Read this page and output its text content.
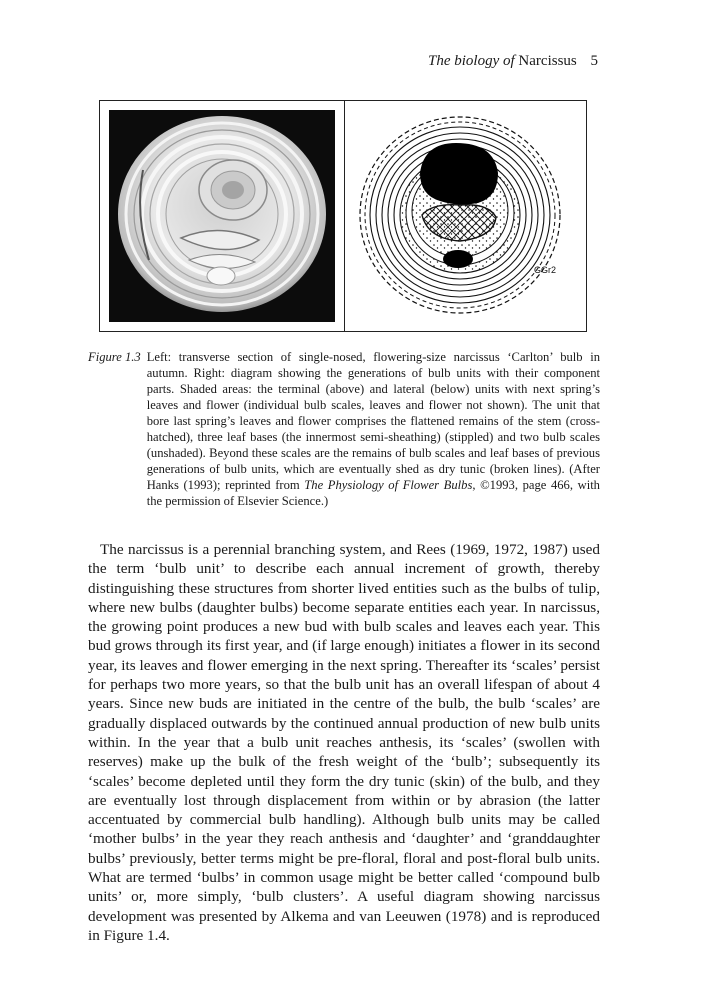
The biology of Narcissus 5
GGr2
Figure 1.3 Left: transverse section of single-nosed, flowering-size narcissus ‘Carlton’ bulb in autumn. Right: diagram showing the generations of bulb units with their component parts. Shaded areas: the terminal (above) and lateral (below) units with next spring’s leaves and flower (individual bulb scales, leaves and flower not shown). The unit that bore last spring’s leaves and flower comprises the flattened remains of the stem (cross-hatched), three leaf bases (the innermost semi-sheathing) (stippled) and two bulb scales (unshaded). Beyond these scales are the remains of bulb scales and leaf bases of previous generations of bulb units, which are eventually shed as dry tunic (broken lines). (After Hanks (1993); reprinted from The Physiology of Flower Bulbs, ©1993, page 466, with the permission of Elsevier Science.)

The narcissus is a perennial branching system, and Rees (1969, 1972, 1987) used the term ‘bulb unit’ to describe each annual increment of growth, thereby distinguishing these structures from shorter lived entities such as the bulbs of tulip, where new bulbs (daughter bulbs) become separate entities each year. In narcissus, the growing point produces a new bud with bulb scales and leaves each year. This bud grows through its first year, and (if large enough) initiates a flower in its second year, its leaves and flower emerging in the next spring. Thereafter its ‘scales’ persist for perhaps two more years, so that the bulb unit has an overall lifespan of about 4 years. Since new buds are initiated in the centre of the bulb, the bulb ‘scales’ are gradually displaced outwards by the continued annual production of new bulb units within. In the year that a bulb unit reaches anthesis, its ‘scales’ (swollen with reserves) make up the bulk of the fresh weight of the ‘bulb’; subsequently its ‘scales’ become depleted until they form the dry tunic (skin) of the bulb, and they are eventually lost through displacement from within or by abrasion (the latter accentuated by commercial bulb handling). Although bulb units may be called ‘mother bulbs’ in the year they reach anthesis and ‘daughter’ and ‘granddaughter bulbs’ previously, better terms might be pre-floral, floral and post-floral bulb units. What are termed ‘bulbs’ in common usage might be better called ‘compound bulb units’ or, more simply, ‘bulb clusters’. A useful diagram showing narcissus development was presented by Alkema and van Leeuwen (1978) and is reproduced in Figure 1.4.
